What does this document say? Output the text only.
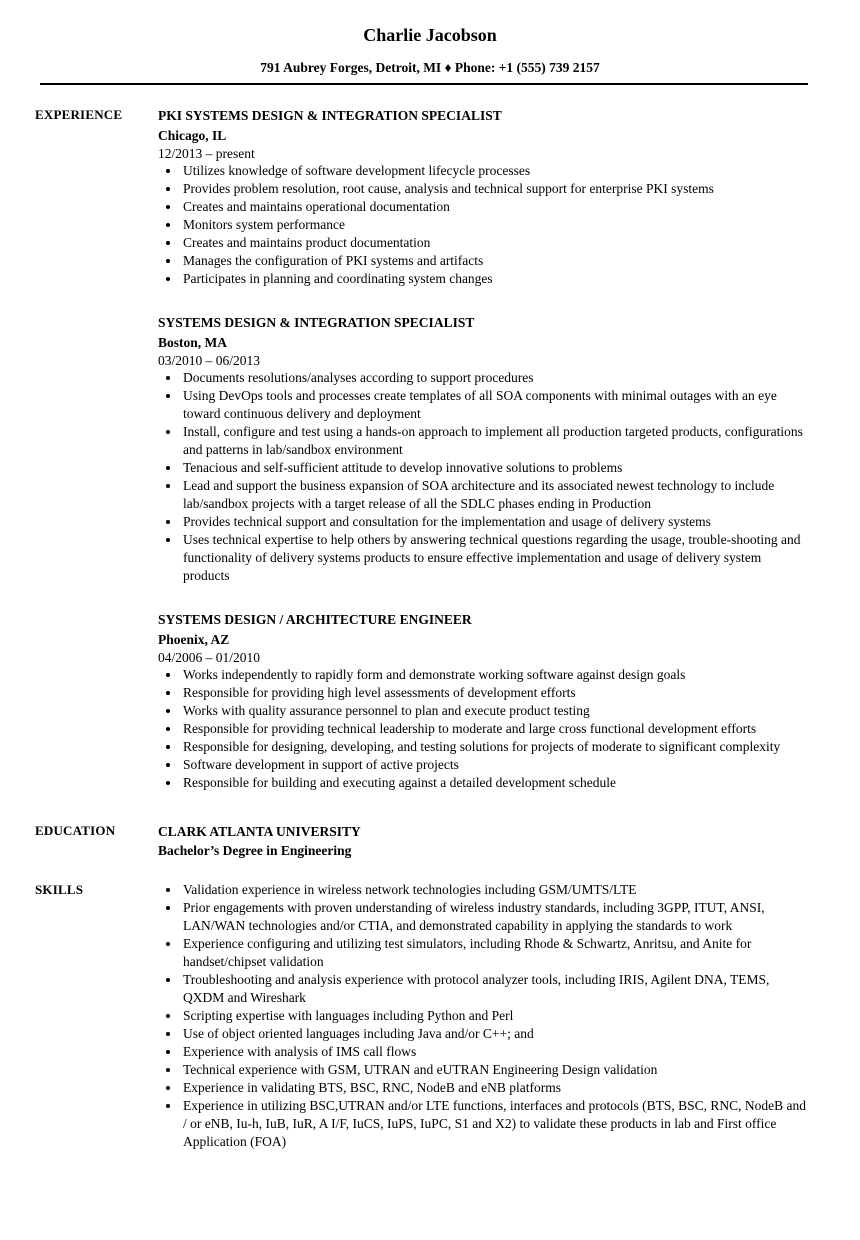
Charlie Jacobson
791 Aubrey Forges, Detroit, MI ♦ Phone: +1 (555) 739 2157
EXPERIENCE	PKI SYSTEMS DESIGN & INTEGRATION SPECIALIST
Chicago, IL
12/2013 – present
• Utilizes knowledge of software development lifecycle processes
• Provides problem resolution, root cause, analysis and technical support for enterprise PKI systems
• Creates and maintains operational documentation
• Monitors system performance
• Creates and maintains product documentation
• Manages the configuration of PKI systems and artifacts
• Participates in planning and coordinating system changes
SYSTEMS DESIGN & INTEGRATION SPECIALIST
Boston, MA
03/2010 – 06/2013
• Documents resolutions/analyses according to support procedures
• Using DevOps tools and processes create templates of all SOA components with minimal outages with an eye toward continuous delivery and deployment
• Install, configure and test using a hands-on approach to implement all production targeted products, configurations and patterns in lab/sandbox environment
• Tenacious and self-sufficient attitude to develop innovative solutions to problems
• Lead and support the business expansion of SOA architecture and its associated newest technology to include lab/sandbox projects with a target release of all the SDLC phases ending in Production
• Provides technical support and consultation for the implementation and usage of delivery systems
• Uses technical expertise to help others by answering technical questions regarding the usage, trouble-shooting and functionality of delivery systems products to ensure effective implementation and usage of delivery system products
SYSTEMS DESIGN / ARCHITECTURE ENGINEER
Phoenix, AZ
04/2006 – 01/2010
• Works independently to rapidly form and demonstrate working software against design goals
• Responsible for providing high level assessments of development efforts
• Works with quality assurance personnel to plan and execute product testing
• Responsible for providing technical leadership to moderate and large cross functional development efforts
• Responsible for designing, developing, and testing solutions for projects of moderate to significant complexity
• Software development in support of active projects
• Responsible for building and executing against a detailed development schedule
EDUCATION	CLARK ATLANTA UNIVERSITY
Bachelor’s Degree in Engineering
SKILLS	• Validation experience in wireless network technologies including GSM/UMTS/LTE
• Prior engagements with proven understanding of wireless industry standards, including 3GPP, ITUT, ANSI, LAN/WAN technologies and/or CTIA, and demonstrated capability in applying the standards to work
• Experience configuring and utilizing test simulators, including Rhode & Schwartz, Anritsu, and Anite for handset/chipset validation
• Troubleshooting and analysis experience with protocol analyzer tools, including IRIS, Agilent DNA, TEMS, QXDM and Wireshark
• Scripting expertise with languages including Python and Perl
• Use of object oriented languages including Java and/or C++; and
• Experience with analysis of IMS call flows
• Technical experience with GSM, UTRAN and eUTRAN Engineering Design validation
• Experience in validating BTS, BSC, RNC, NodeB and eNB platforms
• Experience in utilizing BSC,UTRAN and/or LTE functions, interfaces and protocols (BTS, BSC, RNC, NodeB and / or eNB, Iu-h, IuB, IuR, A I/F, IuCS, IuPS, IuPC, S1 and X2) to validate these products in lab and First office Application (FOA)
